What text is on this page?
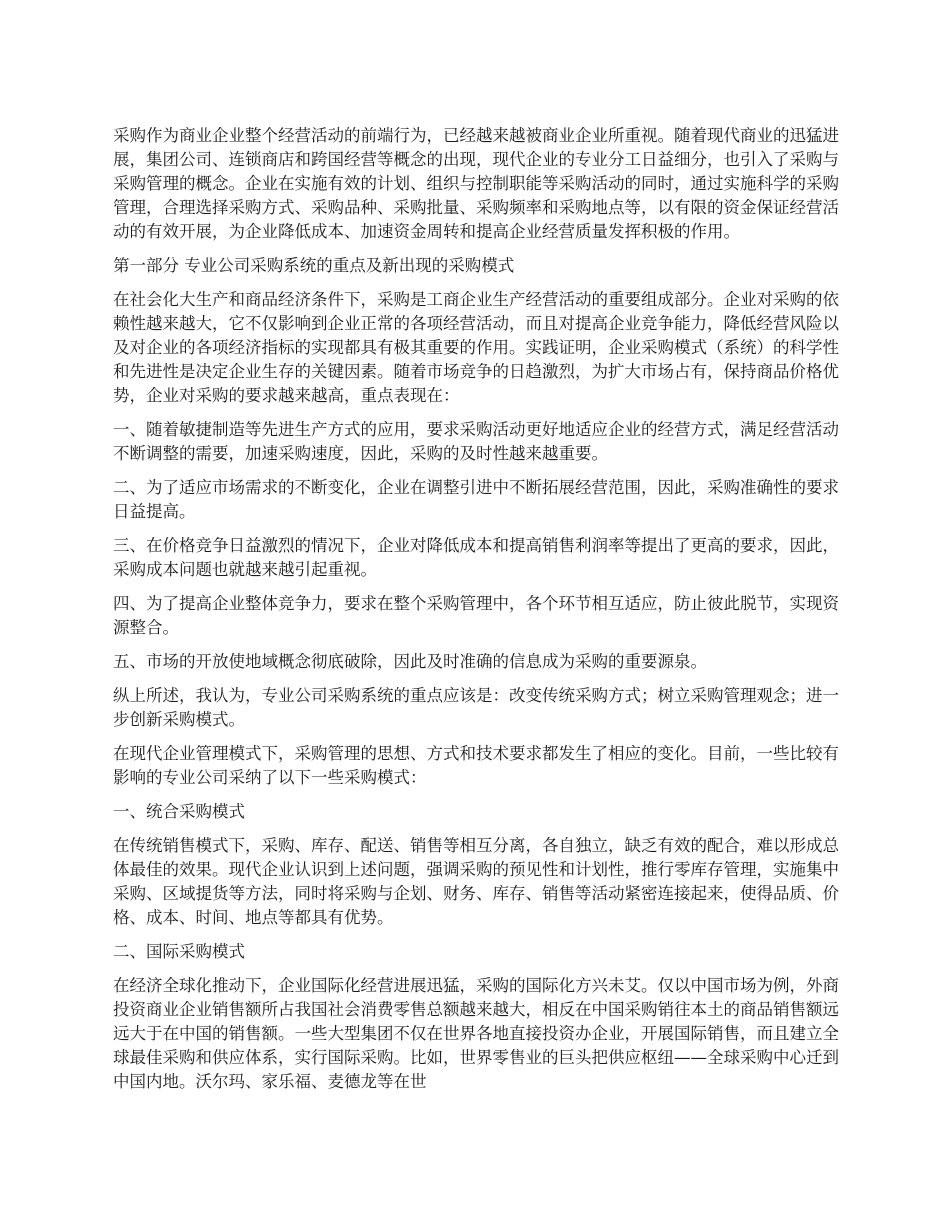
采购作为商业企业整个经营活动的前端行为，已经越来越被商业企业所重视。随着现代商业的迅猛进展，集团公司、连锁商店和跨国经营等概念的出现，现代企业的专业分工日益细分，也引入了采购与采购管理的概念。企业在实施有效的计划、组织与控制职能等采购活动的同时，通过实施科学的采购管理，合理选择采购方式、采购品种、采购批量、采购频率和采购地点等，以有限的资金保证经营活动的有效开展，为企业降低成本、加速资金周转和提高企业经营质量发挥积极的作用。

第一部分 专业公司采购系统的重点及新出现的采购模式

在社会化大生产和商品经济条件下，采购是工商企业生产经营活动的重要组成部分。企业对采购的依赖性越来越大，它不仅影响到企业正常的各项经营活动，而且对提高企业竞争能力，降低经营风险以及对企业的各项经济指标的实现都具有极其重要的作用。实践证明，企业采购模式（系统）的科学性和先进性是决定企业生存的关键因素。随着市场竞争的日趋激烈，为扩大市场占有，保持商品价格优势，企业对采购的要求越来越高，重点表现在：

一、随着敏捷制造等先进生产方式的应用，要求采购活动更好地适应企业的经营方式，满足经营活动不断调整的需要，加速采购速度，因此，采购的及时性越来越重要。

二、为了适应市场需求的不断变化，企业在调整引进中不断拓展经营范围，因此，采购准确性的要求日益提高。

三、在价格竞争日益激烈的情况下，企业对降低成本和提高销售利润率等提出了更高的要求，因此，采购成本问题也就越来越引起重视。

四、为了提高企业整体竞争力，要求在整个采购管理中，各个环节相互适应，防止彼此脱节，实现资源整合。

五、市场的开放使地域概念彻底破除，因此及时准确的信息成为采购的重要源泉。

纵上所述，我认为，专业公司采购系统的重点应该是：改变传统采购方式；树立采购管理观念；进一步创新采购模式。

在现代企业管理模式下，采购管理的思想、方式和技术要求都发生了相应的变化。目前，一些比较有影响的专业公司采纳了以下一些采购模式：

一、统合采购模式

在传统销售模式下，采购、库存、配送、销售等相互分离，各自独立，缺乏有效的配合，难以形成总体最佳的效果。现代企业认识到上述问题，强调采购的预见性和计划性，推行零库存管理，实施集中采购、区域提货等方法，同时将采购与企划、财务、库存、销售等活动紧密连接起来，使得品质、价格、成本、时间、地点等都具有优势。

二、国际采购模式

在经济全球化推动下，企业国际化经营进展迅猛，采购的国际化方兴未艾。仅以中国市场为例，外商投资商业企业销售额所占我国社会消费零售总额越来越大，相反在中国采购销往本土的商品销售额远远大于在中国的销售额。一些大型集团不仅在世界各地直接投资办企业，开展国际销售，而且建立全球最佳采购和供应体系，实行国际采购。比如，世界零售业的巨头把供应枢纽——全球采购中心迁到中国内地。沃尔玛、家乐福、麦德龙等在世
